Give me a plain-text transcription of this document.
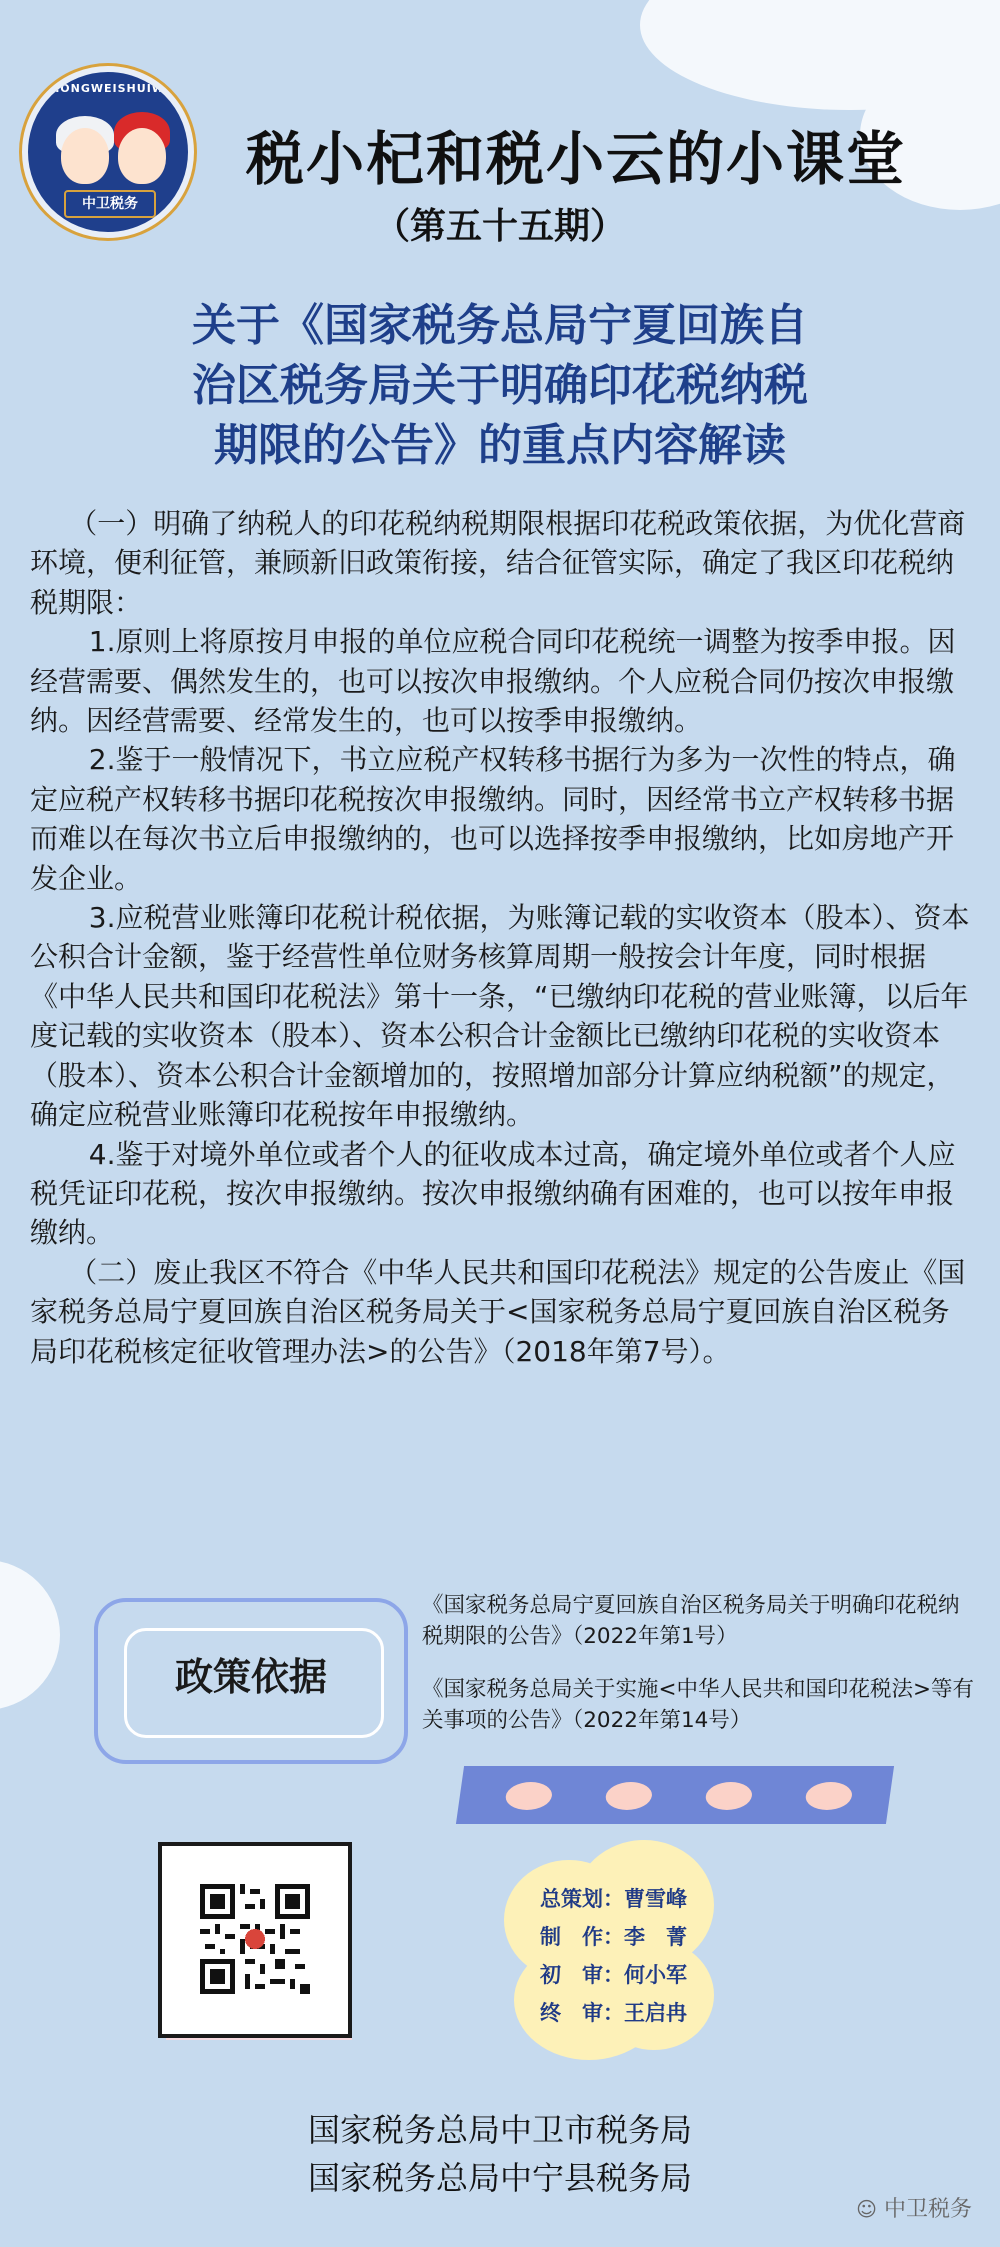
ZHONGWEISHUIWU
中卫税务
税小杞和税小云的小课堂
（第五十五期）
关于《国家税务总局宁夏回族自
治区税务局关于明确印花税纳税
期限的公告》的重点内容解读

（一）明确了纳税人的印花税纳税期限根据印花税政策依据，为优化营商环境，便利征管，兼顾新旧政策衔接，结合征管实际，确定了我区印花税纳税期限：

1.原则上将原按月申报的单位应税合同印花税统一调整为按季申报。因经营需要、偶然发生的，也可以按次申报缴纳。个人应税合同仍按次申报缴纳。因经营需要、经常发生的，也可以按季申报缴纳。

2.鉴于一般情况下，书立应税产权转移书据行为多为一次性的特点，确定应税产权转移书据印花税按次申报缴纳。同时，因经常书立产权转移书据而难以在每次书立后申报缴纳的，也可以选择按季申报缴纳，比如房地产开发企业。

3.应税营业账簿印花税计税依据，为账簿记载的实收资本（股本）、资本公积合计金额，鉴于经营性单位财务核算周期一般按会计年度，同时根据《中华人民共和国印花税法》第十一条，“已缴纳印花税的营业账簿，以后年度记载的实收资本（股本）、资本公积合计金额比已缴纳印花税的实收资本（股本）、资本公积合计金额增加的，按照增加部分计算应纳税额”的规定，确定应税营业账簿印花税按年申报缴纳。

4.鉴于对境外单位或者个人的征收成本过高，确定境外单位或者个人应税凭证印花税，按次申报缴纳。按次申报缴纳确有困难的，也可以按年申报缴纳。

（二）废止我区不符合《中华人民共和国印花税法》规定的公告废止《国家税务总局宁夏回族自治区税务局关于<国家税务总局宁夏回族自治区税务局印花税核定征收管理办法>的公告》（2018年第7号）。

政策依据

《国家税务总局宁夏回族自治区税务局关于明确印花税纳税期限的公告》（2022年第1号）

《国家税务总局关于实施<中华人民共和国印花税法>等有关事项的公告》（2022年第14号）

总策划：曹雪峰
制　作：李　菁
初　审：何小军
终　审：王启冉
国家税务总局中卫市税务局
国家税务总局中宁县税务局
☺ 中卫税务
